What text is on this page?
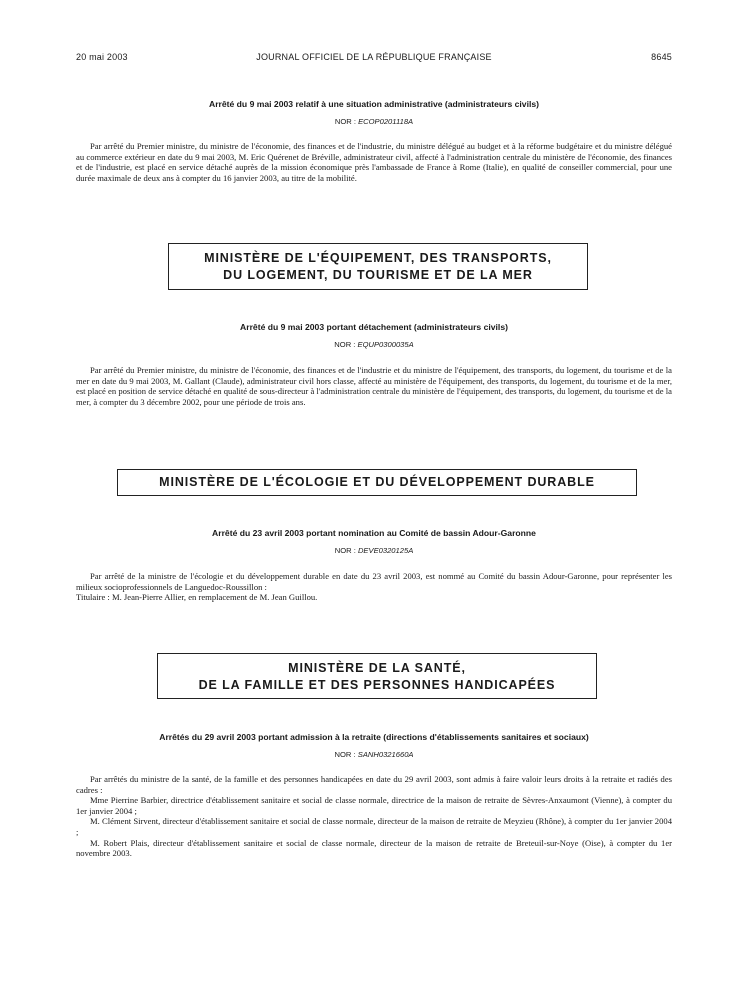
20 mai 2003	JOURNAL OFFICIEL DE LA RÉPUBLIQUE FRANÇAISE	8645
Arrêté du 9 mai 2003 relatif à une situation administrative (administrateurs civils)
NOR : ECOP0201118A

Par arrêté du Premier ministre, du ministre de l'économie, des finances et de l'industrie, du ministre délégué au budget et à la réforme budgétaire et du ministre délégué au commerce extérieur en date du 9 mai 2003, M. Eric Quérenet de Bréville, administrateur civil, affecté à l'administration centrale du ministère de l'économie, des finances et de l'industrie, est placé en service détaché auprès de la mission économique près l'ambassade de France à Rome (Italie), en qualité de conseiller commercial, pour une durée maximale de deux ans à compter du 16 janvier 2003, au titre de la mobilité.

MINISTÈRE DE L'ÉQUIPEMENT, DES TRANSPORTS,
DU LOGEMENT, DU TOURISME ET DE LA MER
Arrêté du 9 mai 2003 portant détachement (administrateurs civils)
NOR : EQUP0300035A

Par arrêté du Premier ministre, du ministre de l'économie, des finances et de l'industrie et du ministre de l'équipement, des transports, du logement, du tourisme et de la mer en date du 9 mai 2003, M. Gallant (Claude), administrateur civil hors classe, affecté au ministère de l'équipement, des transports, du logement, du tourisme et de la mer, est placé en position de service détaché en qualité de sous-directeur à l'administration centrale du ministère de l'équipement, des transports, du logement, du tourisme et de la mer, à compter du 3 décembre 2002, pour une période de trois ans.

MINISTÈRE DE L'ÉCOLOGIE ET DU DÉVELOPPEMENT DURABLE
Arrêté du 23 avril 2003 portant nomination au Comité de bassin Adour-Garonne
NOR : DEVE0320125A

Par arrêté de la ministre de l'écologie et du développement durable en date du 23 avril 2003, est nommé au Comité du bassin Adour-Garonne, pour représenter les milieux socioprofessionnels de Languedoc-Roussillon :

Titulaire : M. Jean-Pierre Allier, en remplacement de M. Jean Guillou.

MINISTÈRE DE LA SANTÉ,
DE LA FAMILLE ET DES PERSONNES HANDICAPÉES
Arrêtés du 29 avril 2003 portant admission à la retraite (directions d'établissements sanitaires et sociaux)
NOR : SANH0321660A

Par arrêtés du ministre de la santé, de la famille et des personnes handicapées en date du 29 avril 2003, sont admis à faire valoir leurs droits à la retraite et radiés des cadres :

Mme Pierrine Barbier, directrice d'établissement sanitaire et social de classe normale, directrice de la maison de retraite de Sèvres-Anxaumont (Vienne), à compter du 1er janvier 2004 ;

M. Clément Sirvent, directeur d'établissement sanitaire et social de classe normale, directeur de la maison de retraite de Meyzieu (Rhône), à compter du 1er janvier 2004 ;

M. Robert Plais, directeur d'établissement sanitaire et social de classe normale, directeur de la maison de retraite de Breteuil-sur-Noye (Oise), à compter du 1er novembre 2003.
